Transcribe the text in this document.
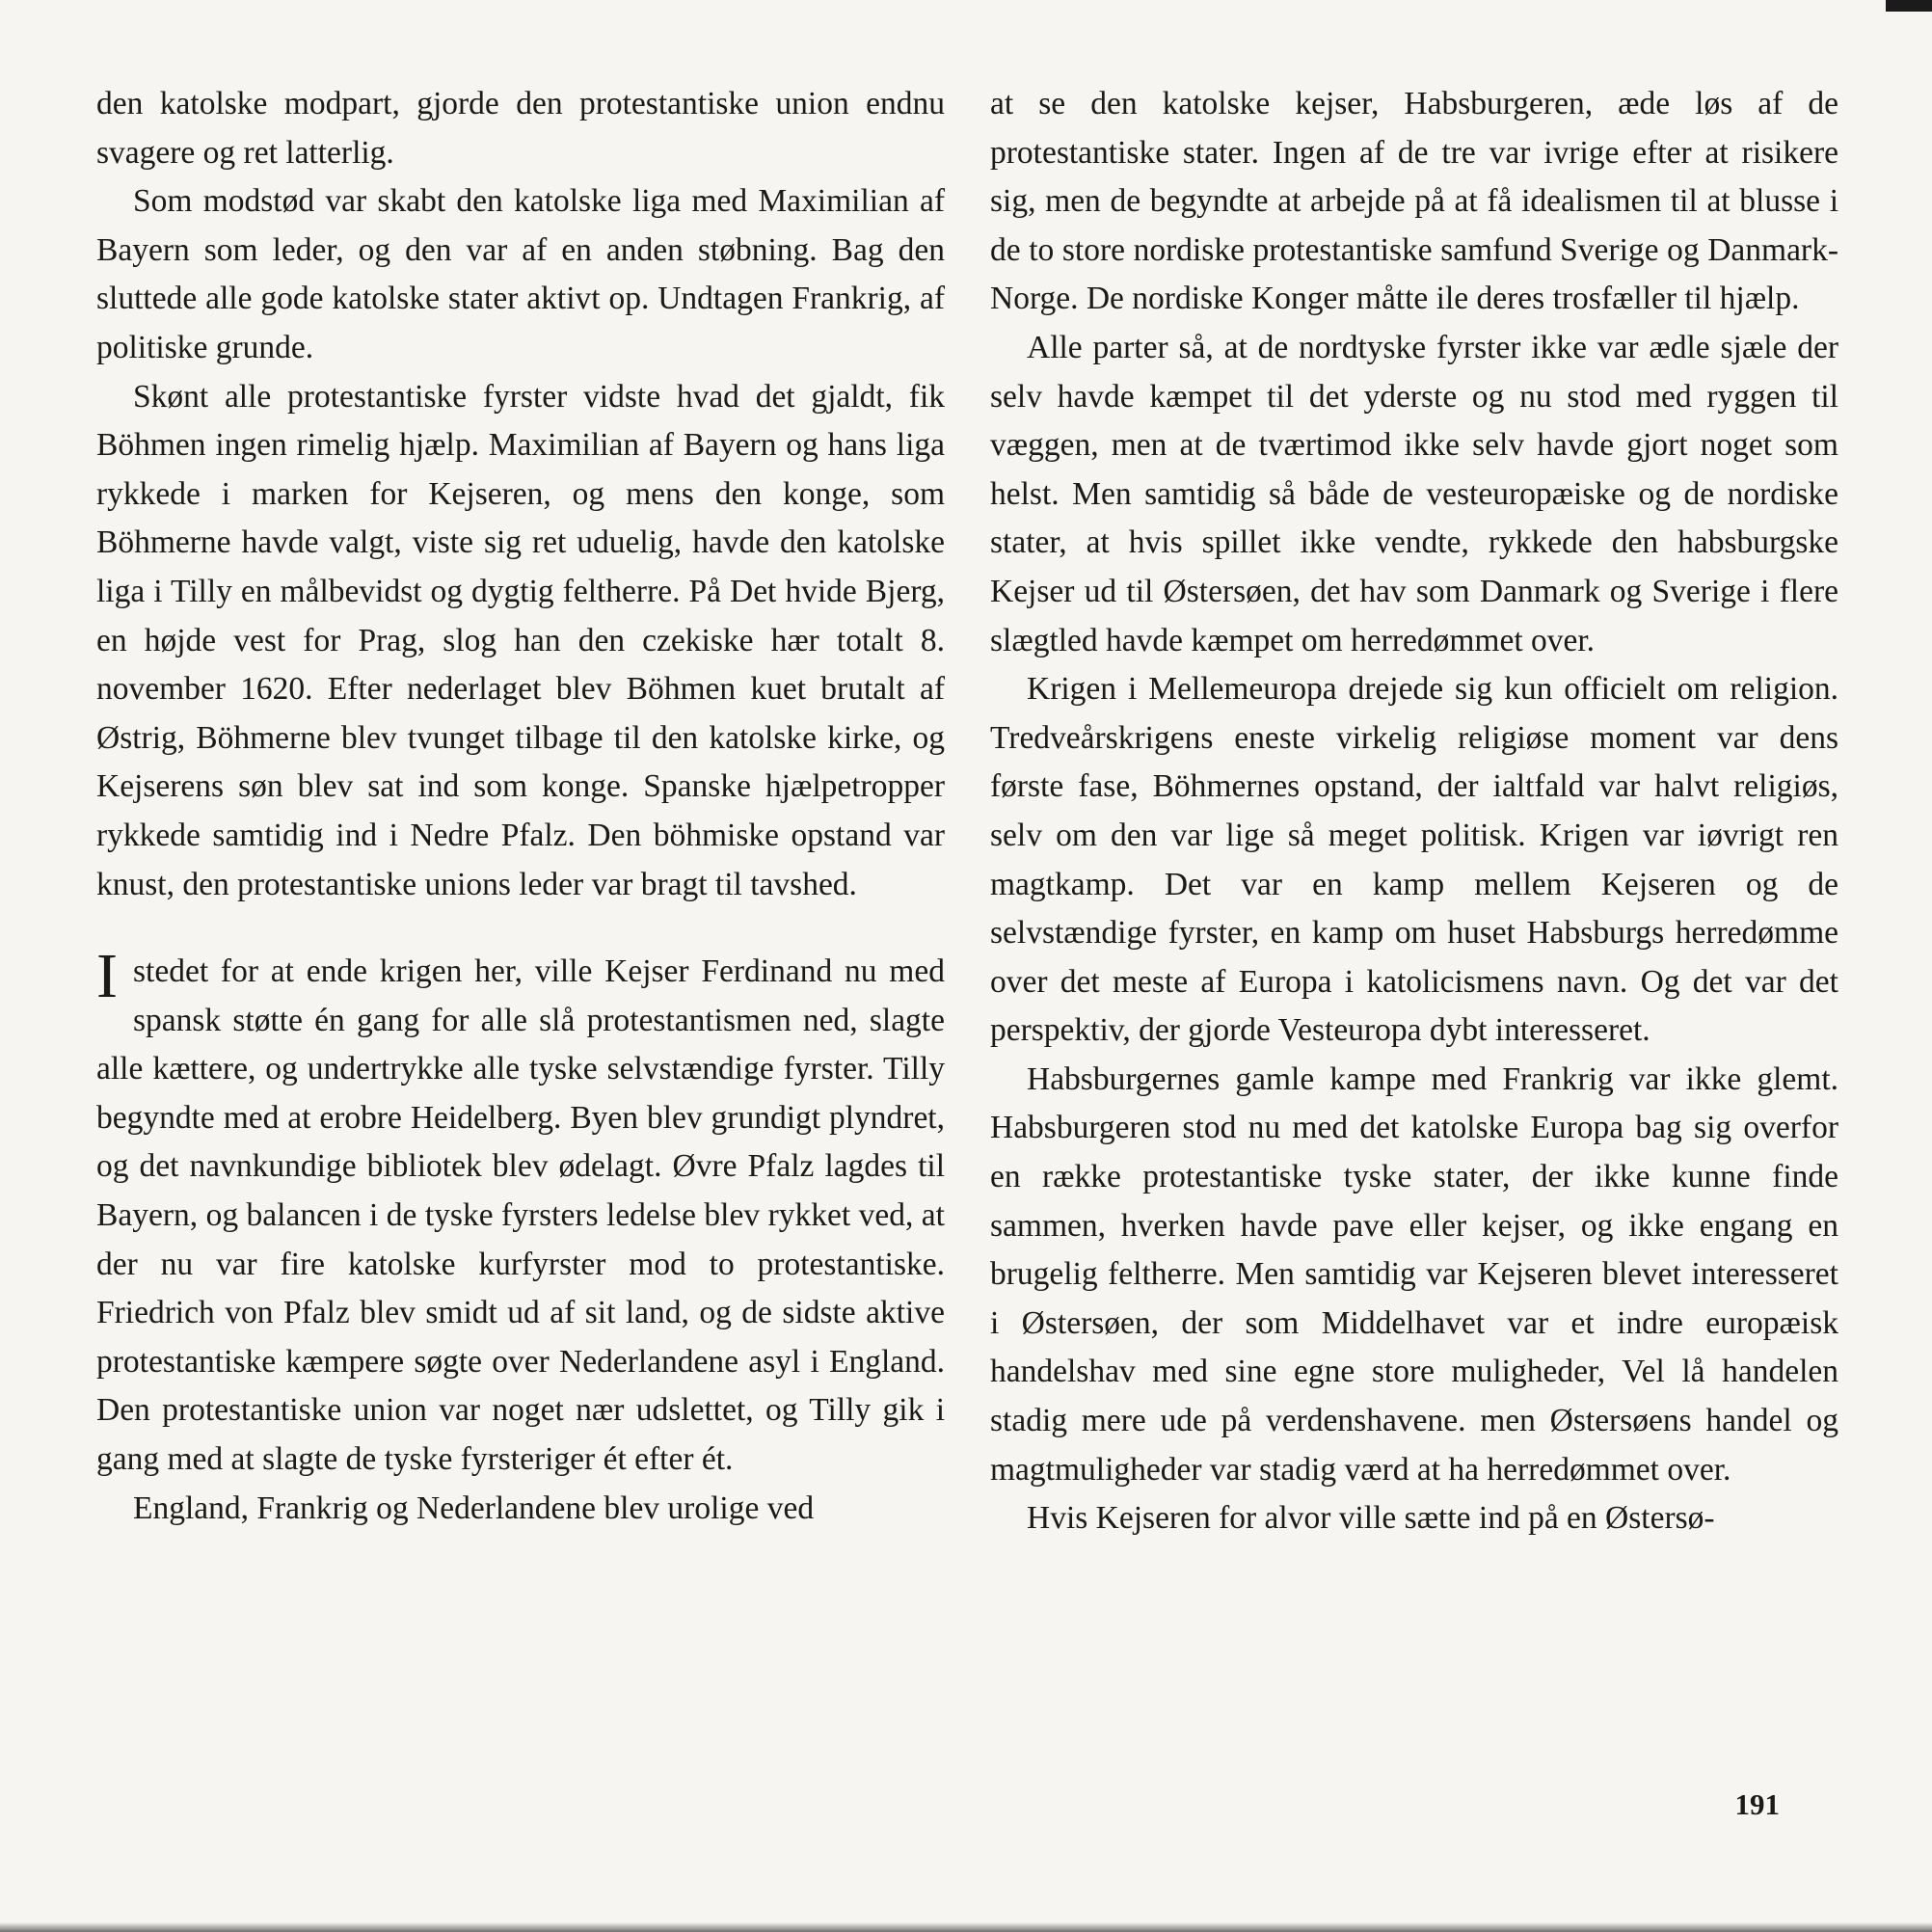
den katolske modpart, gjorde den protestantiske union endnu svagere og ret latterlig.

Som modstød var skabt den katolske liga med Maximilian af Bayern som leder, og den var af en anden støbning. Bag den sluttede alle gode katolske stater aktivt op. Undtagen Frankrig, af politiske grunde.

Skønt alle protestantiske fyrster vidste hvad det gjaldt, fik Böhmen ingen rimelig hjælp. Maximilian af Bayern og hans liga rykkede i marken for Kejseren, og mens den konge, som Böhmerne havde valgt, viste sig ret uduelig, havde den katolske liga i Tilly en målbevidst og dygtig feltherre. På Det hvide Bjerg, en højde vest for Prag, slog han den czekiske hær totalt 8. november 1620. Efter nederlaget blev Böhmen kuet brutalt af Østrig, Böhmerne blev tvunget tilbage til den katolske kirke, og Kejserens søn blev sat ind som konge. Spanske hjælpetropper rykkede samtidig ind i Nedre Pfalz. Den böhmiske opstand var knust, den protestantiske unions leder var bragt til tavshed.

Istedet for at ende krigen her, ville Kejser Ferdinand nu med spansk støtte én gang for alle slå protestantismen ned, slagte alle kættere, og undertrykke alle tyske selvstændige fyrster. Tilly begyndte med at erobre Heidelberg. Byen blev grundigt plyndret, og det navnkundige bibliotek blev ødelagt. Øvre Pfalz lagdes til Bayern, og balancen i de tyske fyrsters ledelse blev rykket ved, at der nu var fire katolske kurfyrster mod to protestantiske. Friedrich von Pfalz blev smidt ud af sit land, og de sidste aktive protestantiske kæmpere søgte over Nederlandene asyl i England. Den protestantiske union var noget nær udslettet, og Tilly gik i gang med at slagte de tyske fyrsteriger ét efter ét.

England, Frankrig og Nederlandene blev urolige ved

at se den katolske kejser, Habsburgeren, æde løs af de protestantiske stater. Ingen af de tre var ivrige efter at risikere sig, men de begyndte at arbejde på at få idealismen til at blusse i de to store nordiske protestantiske samfund Sverige og Danmark-Norge. De nordiske Konger måtte ile deres trosfæller til hjælp.

Alle parter så, at de nordtyske fyrster ikke var ædle sjæle der selv havde kæmpet til det yderste og nu stod med ryggen til væggen, men at de tværtimod ikke selv havde gjort noget som helst. Men samtidig så både de vesteuropæiske og de nordiske stater, at hvis spillet ikke vendte, rykkede den habsburgske Kejser ud til Østersøen, det hav som Danmark og Sverige i flere slægtled havde kæmpet om herredømmet over.

Krigen i Mellemeuropa drejede sig kun officielt om religion. Tredveårskrigens eneste virkelig religiøse moment var dens første fase, Böhmernes opstand, der ialtfald var halvt religiøs, selv om den var lige så meget politisk. Krigen var iøvrigt ren magtkamp. Det var en kamp mellem Kejseren og de selvstændige fyrster, en kamp om huset Habsburgs herredømme over det meste af Europa i katolicismens navn. Og det var det perspektiv, der gjorde Vesteuropa dybt interesseret.

Habsburgernes gamle kampe med Frankrig var ikke glemt. Habsburgeren stod nu med det katolske Europa bag sig overfor en række protestantiske tyske stater, der ikke kunne finde sammen, hverken havde pave eller kejser, og ikke engang en brugelig feltherre. Men samtidig var Kejseren blevet interesseret i Østersøen, der som Middelhavet var et indre europæisk handelshav med sine egne store muligheder, Vel lå handelen stadig mere ude på verdenshavene. men Østersøens handel og magtmuligheder var stadig værd at ha herredømmet over.

Hvis Kejseren for alvor ville sætte ind på en Østersø-

191
